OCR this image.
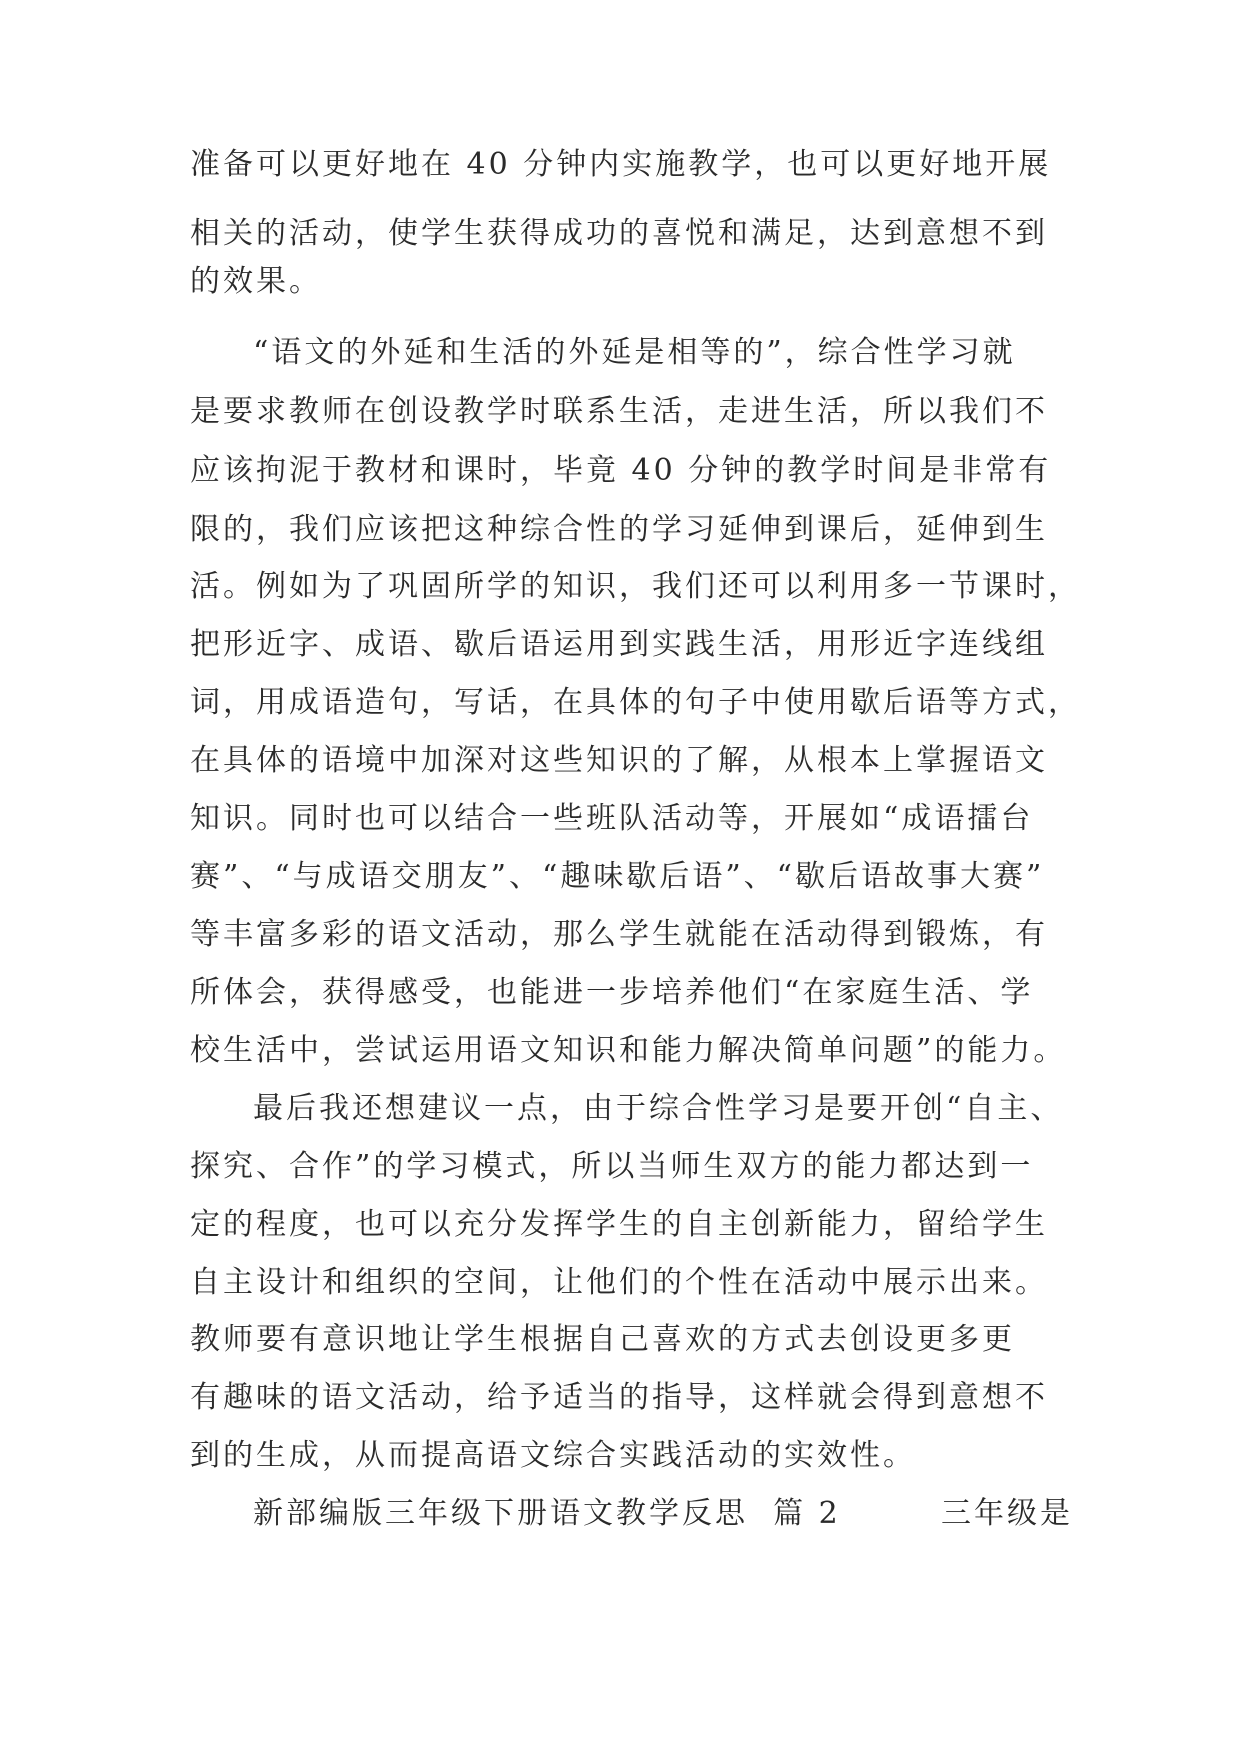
准备可以更好地在 40 分钟内实施教学，也可以更好地开展
相关的活动，使学生获得成功的喜悦和满足，达到意想不到
的效果。
“语文的外延和生活的外延是相等的”，综合性学习就
是要求教师在创设教学时联系生活，走进生活，所以我们不
应该拘泥于教材和课时，毕竟 40 分钟的教学时间是非常有
限的，我们应该把这种综合性的学习延伸到课后，延伸到生
活。例如为了巩固所学的知识，我们还可以利用多一节课时，
把形近字、成语、歇后语运用到实践生活，用形近字连线组
词，用成语造句，写话，在具体的句子中使用歇后语等方式，
在具体的语境中加深对这些知识的了解，从根本上掌握语文
知识。同时也可以结合一些班队活动等，开展如“成语擂台
赛”、“与成语交朋友”、“趣味歇后语”、“歇后语故事大赛”
等丰富多彩的语文活动，那么学生就能在活动得到锻炼，有
所体会，获得感受，也能进一步培养他们“在家庭生活、学
校生活中，尝试运用语文知识和能力解决简单问题”的能力。
最后我还想建议一点，由于综合性学习是要开创“自主、
探究、合作”的学习模式，所以当师生双方的能力都达到一
定的程度，也可以充分发挥学生的自主创新能力，留给学生
自主设计和组织的空间，让他们的个性在活动中展示出来。
教师要有意识地让学生根据自己喜欢的方式去创设更多更
有趣味的语文活动，给予适当的指导，这样就会得到意想不
到的生成，从而提高语文综合实践活动的实效性。
新部编版三年级下册语文教学反思  篇 2        三年级是
